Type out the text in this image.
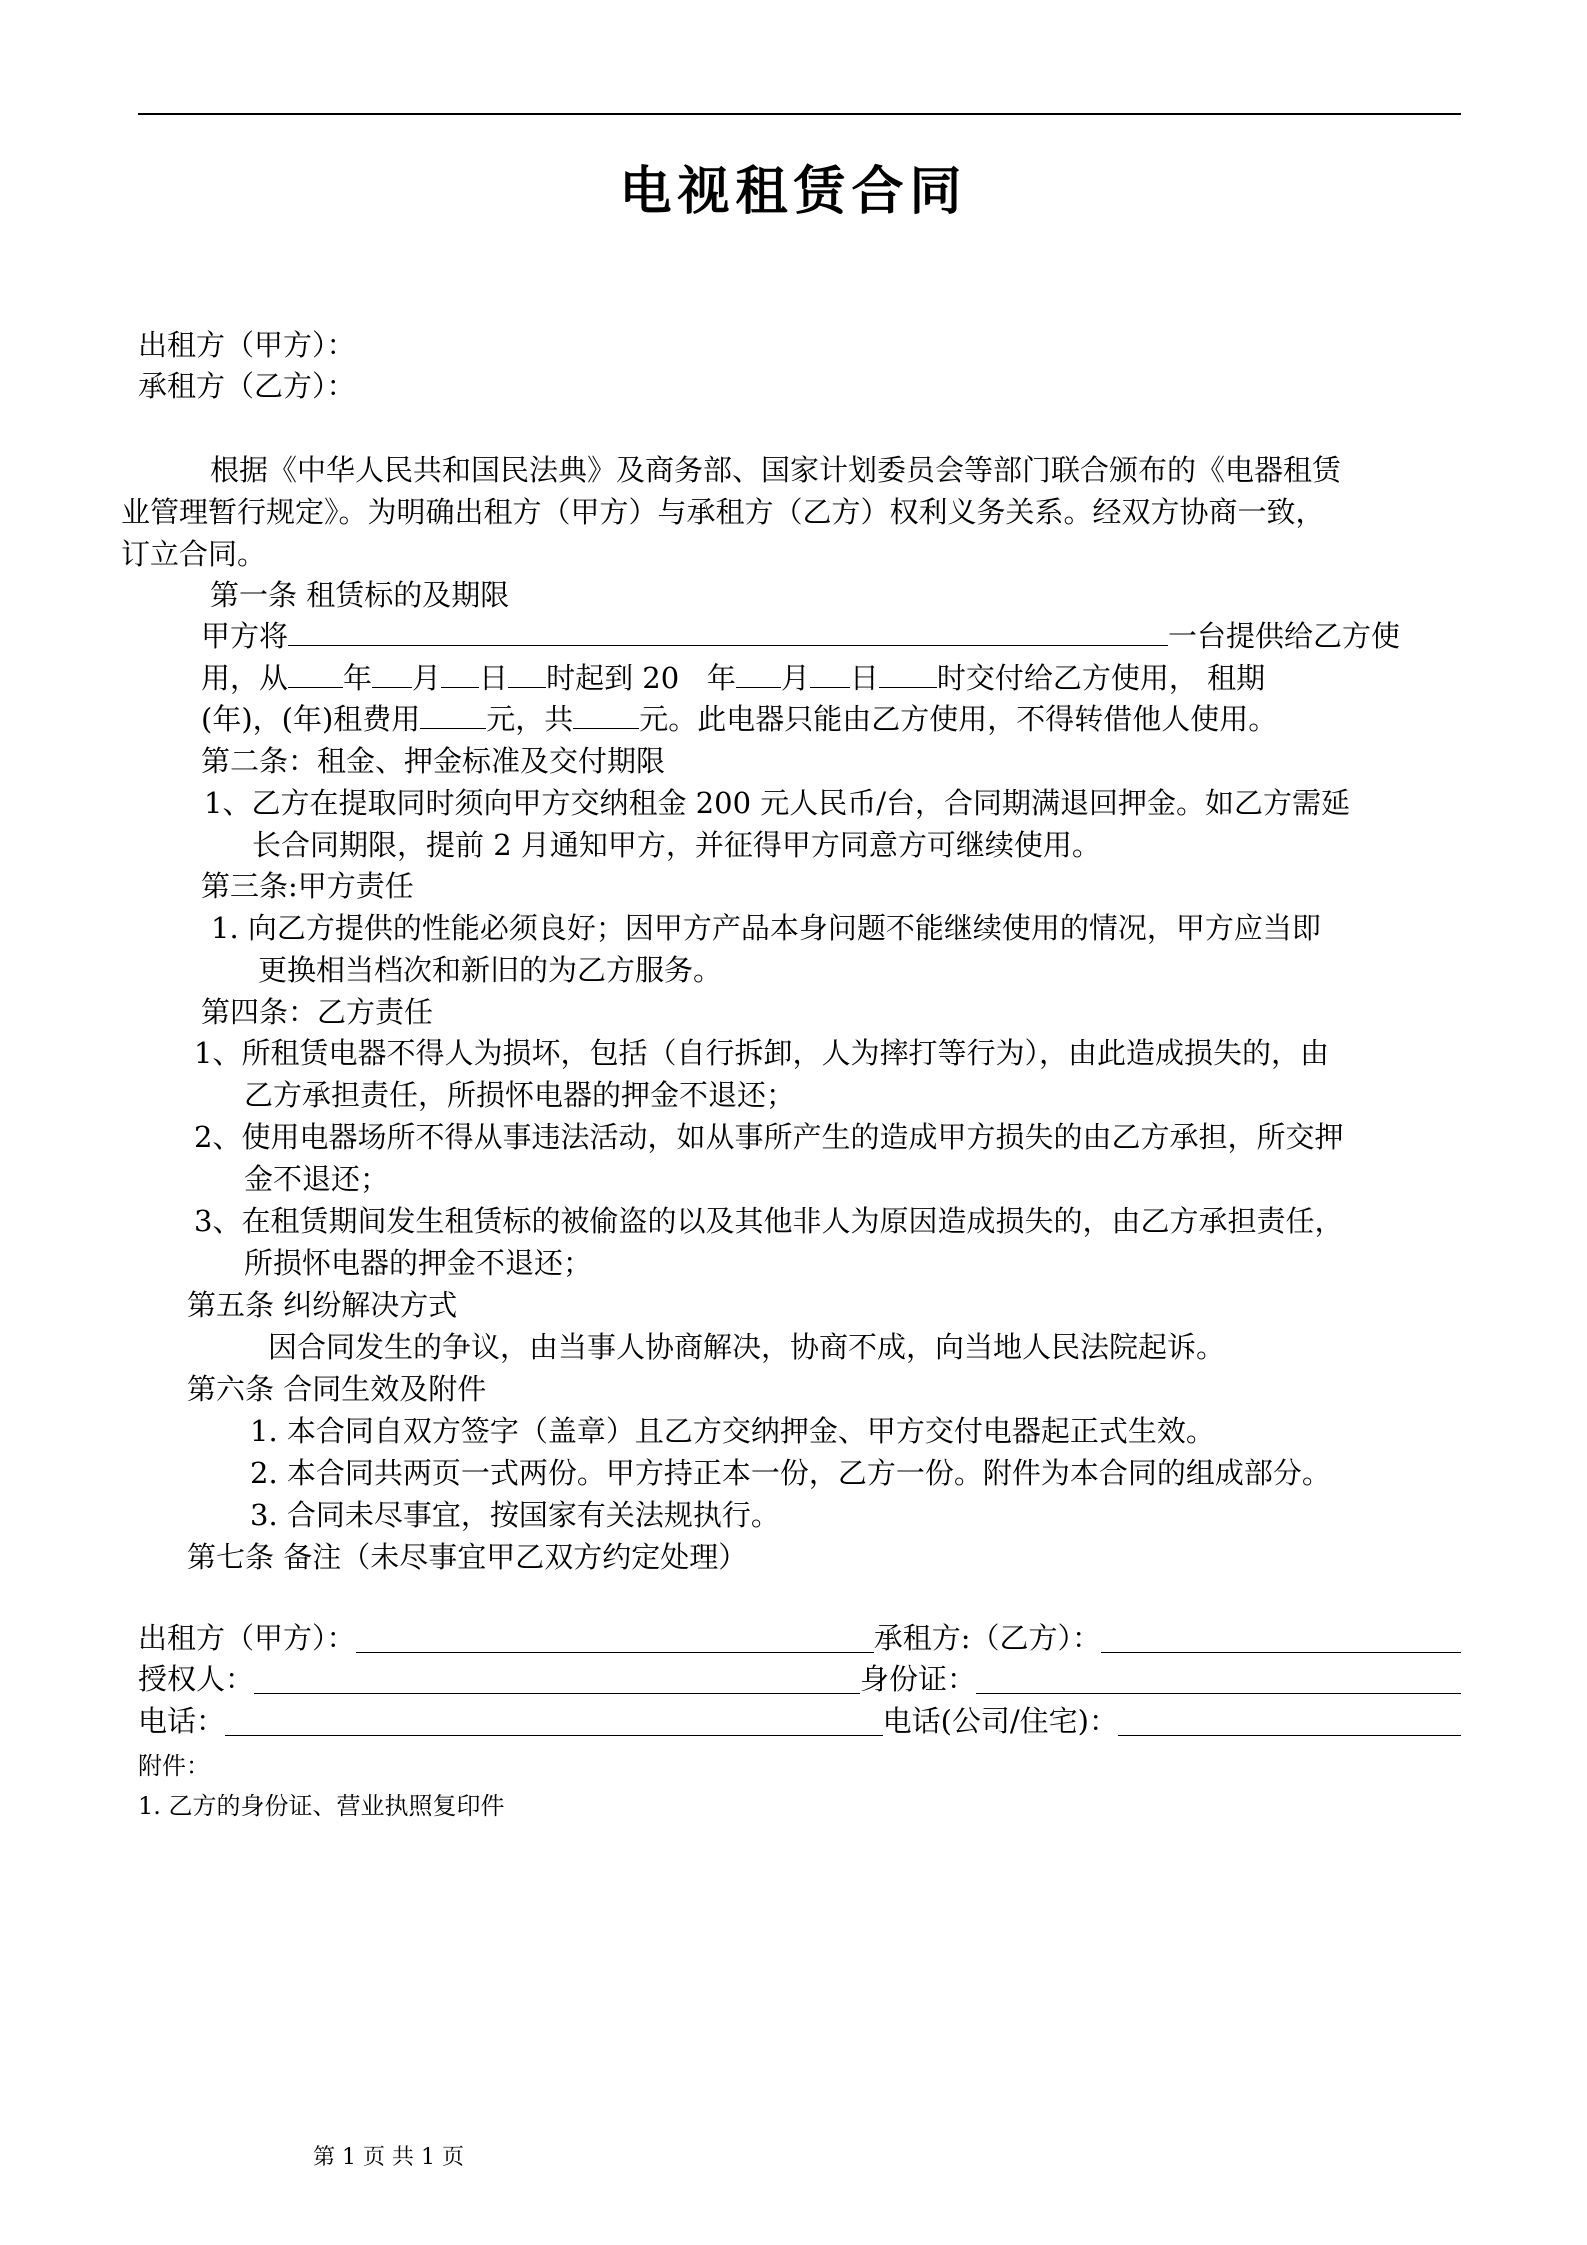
电视租赁合同
出租方（甲方）：
承租方（乙方）：
根据《中华人民共和国民法典》及商务部、国家计划委员会等部门联合颁布的《电器租赁
业管理暂行规定》。为明确出租方（甲方）与承租方（乙方）权利义务关系。经双方协商一致，
订立合同。
第一条 租赁标的及期限
甲方将	一台提供给乙方使
用，从 年 月 日 时起到 20 年 月 日 时交付给乙方使用， 租期
(年)，(年)租费用 元，共 元。此电器只能由乙方使用，不得转借他人使用。
第二条：租金、押金标准及交付期限
1、乙方在提取同时须向甲方交纳租金 200 元人民币/台，合同期满退回押金。如乙方需延
长合同期限，提前 2 月通知甲方，并征得甲方同意方可继续使用。
第三条:甲方责任
1. 向乙方提供的性能必须良好；因甲方产品本身问题不能继续使用的情况，甲方应当即
更换相当档次和新旧的为乙方服务。
第四条：乙方责任
1、所租赁电器不得人为损坏，包括（自行拆卸，人为摔打等行为），由此造成损失的，由
乙方承担责任，所损怀电器的押金不退还；
2、使用电器场所不得从事违法活动，如从事所产生的造成甲方损失的由乙方承担，所交押
金不退还；
3、在租赁期间发生租赁标的被偷盗的以及其他非人为原因造成损失的，由乙方承担责任，
所损怀电器的押金不退还；
第五条 纠纷解决方式
因合同发生的争议，由当事人协商解决，协商不成，向当地人民法院起诉。
第六条 合同生效及附件
1. 本合同自双方签字（盖章）且乙方交纳押金、甲方交付电器起正式生效。
2. 本合同共两页一式两份。甲方持正本一份，乙方一份。附件为本合同的组成部分。
3. 合同未尽事宜，按国家有关法规执行。
第七条 备注（未尽事宜甲乙双方约定处理）
出租方（甲方）：	承租方:（乙方）：
授权人：	身份证：
电话：	电话(公司/住宅)：
附件：
1. 乙方的身份证、营业执照复印件
第 1 页 共 1 页
